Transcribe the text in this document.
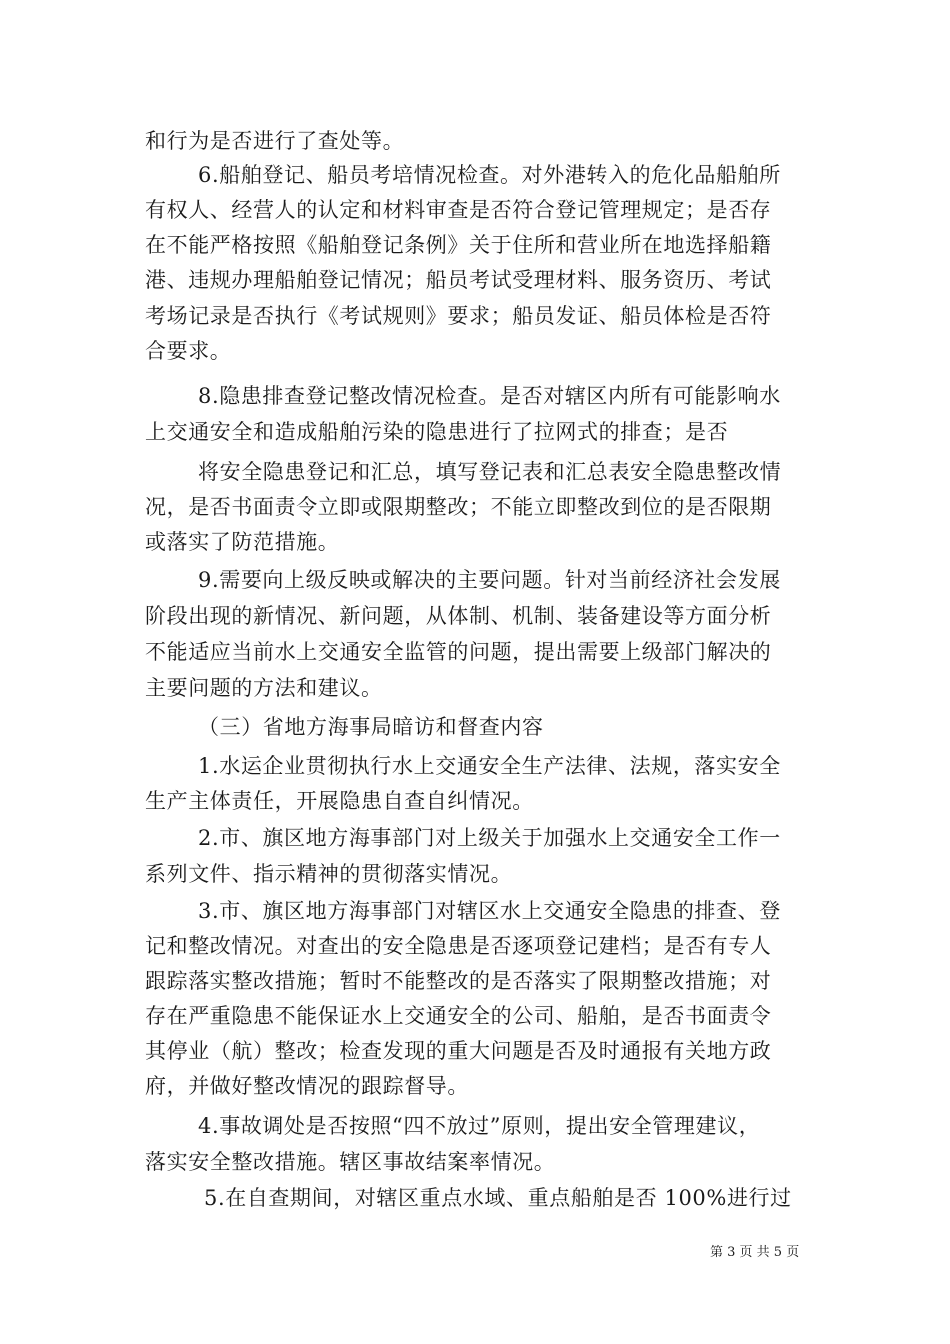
和行为是否进行了查处等。
6.船舶登记、船员考培情况检查。对外港转入的危化品船舶所
有权人、经营人的认定和材料审查是否符合登记管理规定；是否存
在不能严格按照《船舶登记条例》关于住所和营业所在地选择船籍
港、违规办理船舶登记情况；船员考试受理材料、服务资历、考试
考场记录是否执行《考试规则》要求；船员发证、船员体检是否符
合要求。
8.隐患排查登记整改情况检查。是否对辖区内所有可能影响水
上交通安全和造成船舶污染的隐患进行了拉网式的排查；是否
将安全隐患登记和汇总，填写登记表和汇总表安全隐患整改情
况，是否书面责令立即或限期整改；不能立即整改到位的是否限期
或落实了防范措施。
9.需要向上级反映或解决的主要问题。针对当前经济社会发展
阶段出现的新情况、新问题，从体制、机制、装备建设等方面分析
不能适应当前水上交通安全监管的问题，提出需要上级部门解决的
主要问题的方法和建议。
（三）省地方海事局暗访和督查内容
1.水运企业贯彻执行水上交通安全生产法律、法规，落实安全
生产主体责任，开展隐患自查自纠情况。
2.市、旗区地方海事部门对上级关于加强水上交通安全工作一
系列文件、指示精神的贯彻落实情况。
3.市、旗区地方海事部门对辖区水上交通安全隐患的排查、登
记和整改情况。对查出的安全隐患是否逐项登记建档；是否有专人
跟踪落实整改措施；暂时不能整改的是否落实了限期整改措施；对
存在严重隐患不能保证水上交通安全的公司、船舶，是否书面责令
其停业（航）整改；检查发现的重大问题是否及时通报有关地方政
府，并做好整改情况的跟踪督导。
4.事故调处是否按照“四不放过”原则，提出安全管理建议，
落实安全整改措施。辖区事故结案率情况。
5.在自查期间，对辖区重点水域、重点船舶是否 100%进行过
第 3 页 共 5 页
